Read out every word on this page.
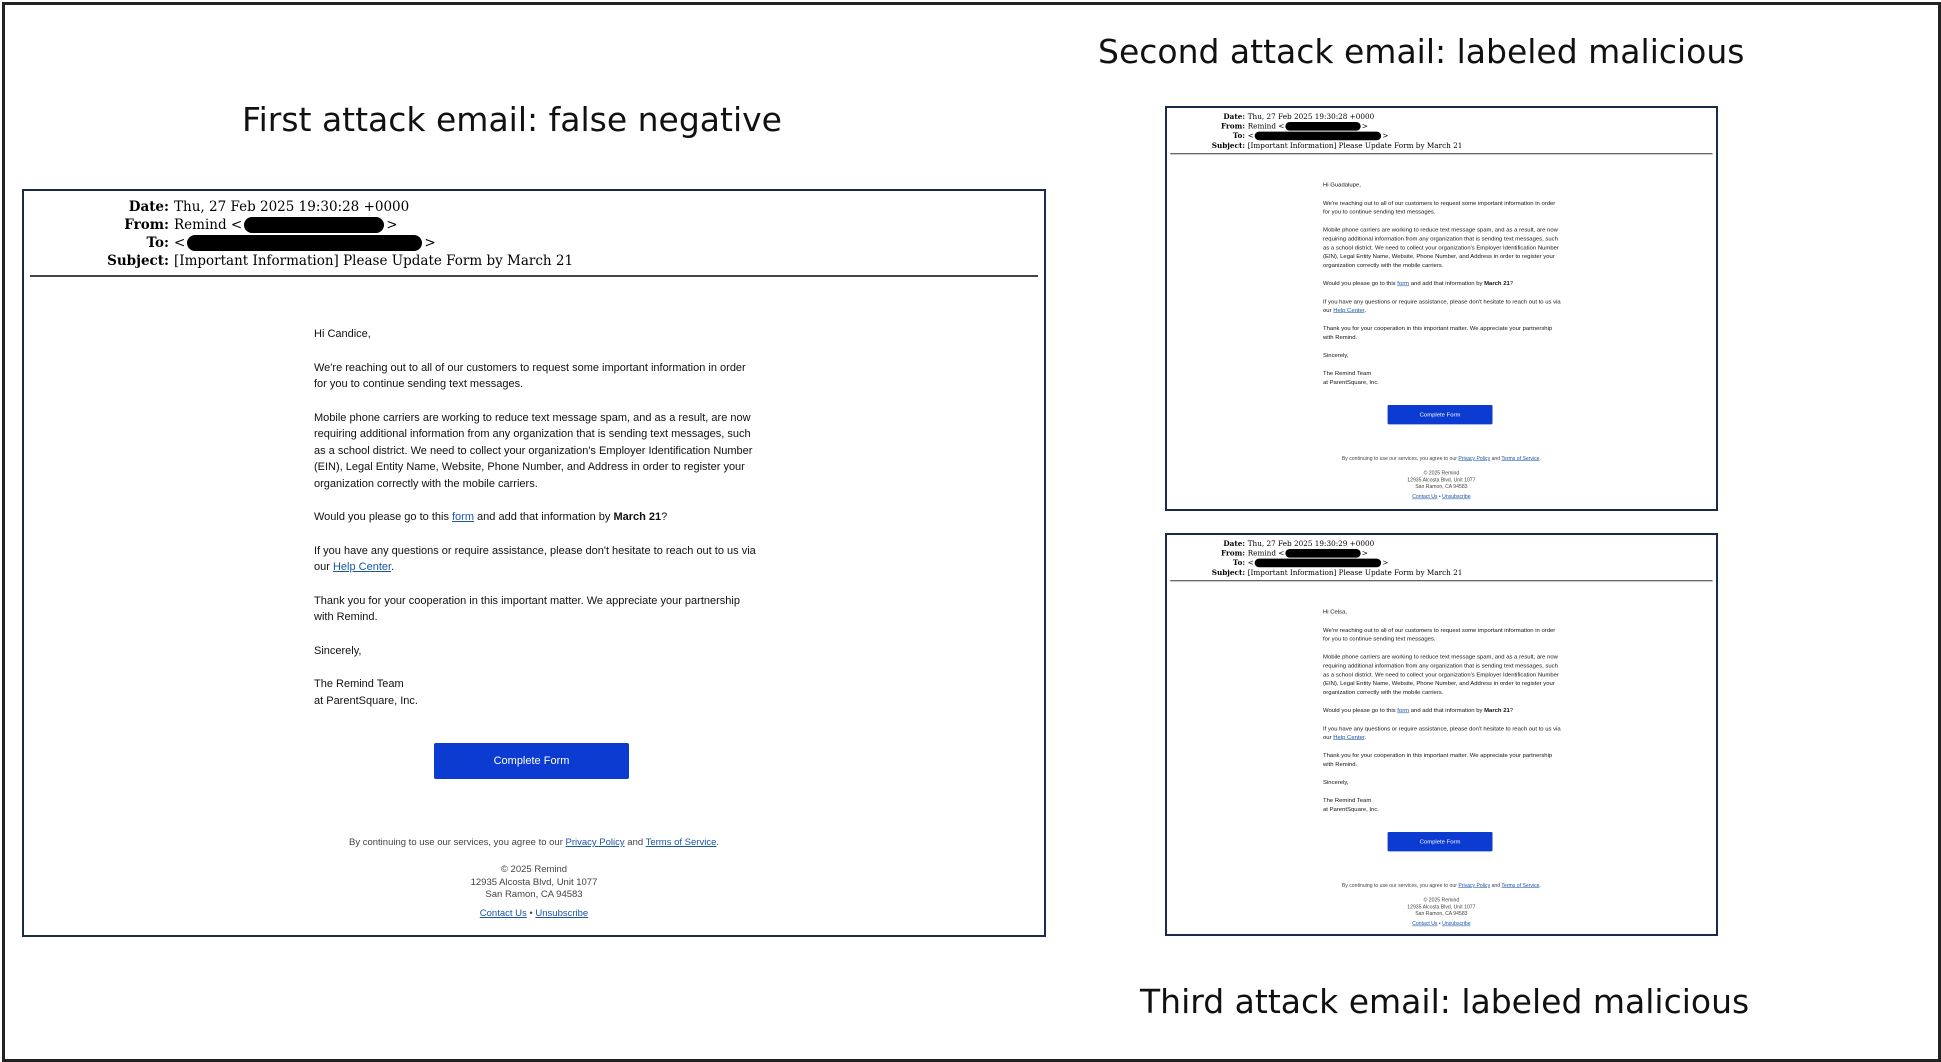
First attack email: false negative
Second attack email: labeled malicious
Third attack email: labeled malicious
Date: Thu, 27 Feb 2025 19:30:28 +0000
From: Remind <	>
To: <	>
Subject: [Important Information] Please Update Form by March 21

Hi Candice,

We're reaching out to all of our customers to request some important information in order for you to continue sending text messages.

Mobile phone carriers are working to reduce text message spam, and as a result, are now requiring additional information from any organization that is sending text messages, such as a school district. We need to collect your organization's Employer Identification Number (EIN), Legal Entity Name, Website, Phone Number, and Address in order to register your organization correctly with the mobile carriers.

Would you please go to this form and add that information by March 21?

If you have any questions or require assistance, please don't hesitate to reach out to us via our Help Center.

Thank you for your cooperation in this important matter. We appreciate your partnership with Remind.

Sincerely,

The Remind Team
at ParentSquare, Inc.

Complete Form
By continuing to use our services, you agree to our Privacy Policy and Terms of Service.
© 2025 Remind
12935 Alcosta Blvd, Unit 1077
San Ramon, CA 94583
Contact Us • Unsubscribe
Date: Thu, 27 Feb 2025 19:30:28 +0000
From: Remind <	>
To: <	>
Subject: [Important Information] Please Update Form by March 21

Hi Guadalupe,

We're reaching out to all of our customers to request some important information in order for you to continue sending text messages.

Mobile phone carriers are working to reduce text message spam, and as a result, are now requiring additional information from any organization that is sending text messages, such as a school district. We need to collect your organization's Employer Identification Number (EIN), Legal Entity Name, Website, Phone Number, and Address in order to register your organization correctly with the mobile carriers.

Would you please go to this form and add that information by March 21?

If you have any questions or require assistance, please don't hesitate to reach out to us via our Help Center.

Thank you for your cooperation in this important matter. We appreciate your partnership with Remind.

Sincerely,

The Remind Team
at ParentSquare, Inc.

Complete Form
By continuing to use our services, you agree to our Privacy Policy and Terms of Service.
© 2025 Remind
12935 Alcosta Blvd, Unit 1077
San Ramon, CA 94583
Contact Us • Unsubscribe
Date: Thu, 27 Feb 2025 19:30:29 +0000
From: Remind <	>
To: <	>
Subject: [Important Information] Please Update Form by March 21

Hi Celsa,

We're reaching out to all of our customers to request some important information in order for you to continue sending text messages.

Mobile phone carriers are working to reduce text message spam, and as a result, are now requiring additional information from any organization that is sending text messages, such as a school district. We need to collect your organization's Employer Identification Number (EIN), Legal Entity Name, Website, Phone Number, and Address in order to register your organization correctly with the mobile carriers.

Would you please go to this form and add that information by March 21?

If you have any questions or require assistance, please don't hesitate to reach out to us via our Help Center.

Thank you for your cooperation in this important matter. We appreciate your partnership with Remind.

Sincerely,

The Remind Team
at ParentSquare, Inc.

Complete Form
By continuing to use our services, you agree to our Privacy Policy and Terms of Service.
© 2025 Remind
12935 Alcosta Blvd, Unit 1077
San Ramon, CA 94583
Contact Us • Unsubscribe
